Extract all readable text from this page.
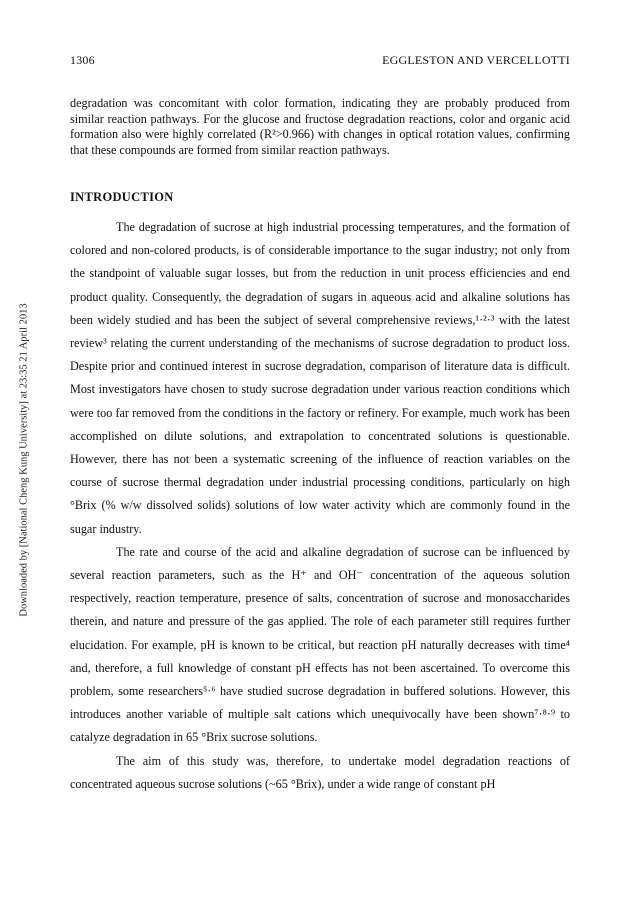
Downloaded by [National Cheng Kung University] at 23:35 21 April 2013
1306	EGGLESTON AND VERCELLOTTI
degradation was concomitant with color formation, indicating they are probably produced from similar reaction pathways. For the glucose and fructose degradation reactions, color and organic acid formation also were highly correlated (R²>0.966) with changes in optical rotation values, confirming that these compounds are formed from similar reaction pathways.
INTRODUCTION

The degradation of sucrose at high industrial processing temperatures, and the formation of colored and non-colored products, is of considerable importance to the sugar industry; not only from the standpoint of valuable sugar losses, but from the reduction in unit process efficiencies and end product quality. Consequently, the degradation of sugars in aqueous acid and alkaline solutions has been widely studied and has been the subject of several comprehensive reviews,¹·²·³ with the latest review³ relating the current understanding of the mechanisms of sucrose degradation to product loss. Despite prior and continued interest in sucrose degradation, comparison of literature data is difficult. Most investigators have chosen to study sucrose degradation under various reaction conditions which were too far removed from the conditions in the factory or refinery. For example, much work has been accomplished on dilute solutions, and extrapolation to concentrated solutions is questionable. However, there has not been a systematic screening of the influence of reaction variables on the course of sucrose thermal degradation under industrial processing conditions, particularly on high °Brix (% w/w dissolved solids) solutions of low water activity which are commonly found in the sugar industry.

The rate and course of the acid and alkaline degradation of sucrose can be influenced by several reaction parameters, such as the H⁺ and OH⁻ concentration of the aqueous solution respectively, reaction temperature, presence of salts, concentration of sucrose and monosaccharides therein, and nature and pressure of the gas applied. The role of each parameter still requires further elucidation. For example, pH is known to be critical, but reaction pH naturally decreases with time⁴ and, therefore, a full knowledge of constant pH effects has not been ascertained. To overcome this problem, some researchers⁵·⁶ have studied sucrose degradation in buffered solutions. However, this introduces another variable of multiple salt cations which unequivocally have been shown⁷·⁸·⁹ to catalyze degradation in 65 °Brix sucrose solutions.

The aim of this study was, therefore, to undertake model degradation reactions of concentrated aqueous sucrose solutions (~65 °Brix), under a wide range of constant pH
